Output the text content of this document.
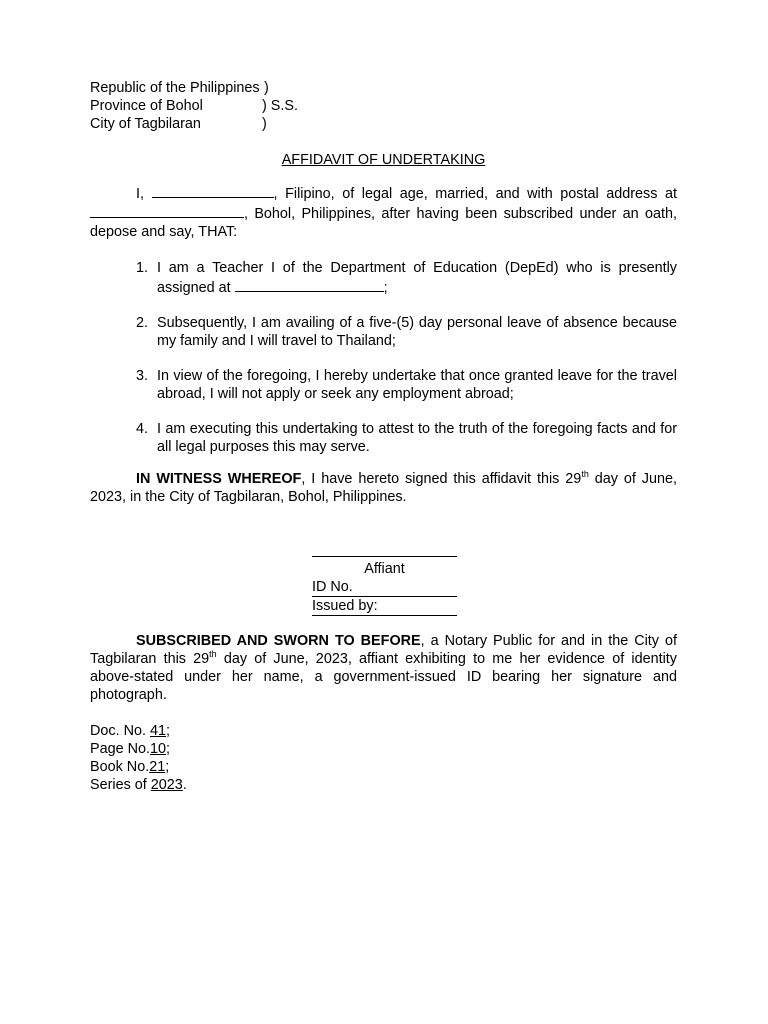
Republic of the Philippines )
Province of Bohol	) S.S.
City of Tagbilaran	)
AFFIDAVIT OF UNDERTAKING

I,	, Filipino, of legal age, married, and with postal address at , Bohol, Philippines, after having been subscribed under an oath, depose and say, THAT:

1. I am a Teacher I of the Department of Education (DepEd) who is presently assigned at	;
2. Subsequently, I am availing of a five-(5) day personal leave of absence because my family and I will travel to Thailand;
3. In view of the foregoing, I hereby undertake that once granted leave for the travel abroad, I will not apply or seek any employment abroad;
4. I am executing this undertaking to attest to the truth of the foregoing facts and for all legal purposes this may serve.

IN WITNESS WHEREOF, I have hereto signed this affidavit this 29th day of June, 2023, in the City of Tagbilaran, Bohol, Philippines.

Affiant
ID No.
Issued by:

SUBSCRIBED AND SWORN TO BEFORE, a Notary Public for and in the City of Tagbilaran this 29th day of June, 2023, affiant exhibiting to me her evidence of identity above-stated under her name, a government-issued ID bearing her signature and photograph.

Doc. No. 41;
Page No.10;
Book No.21;
Series of 2023.
